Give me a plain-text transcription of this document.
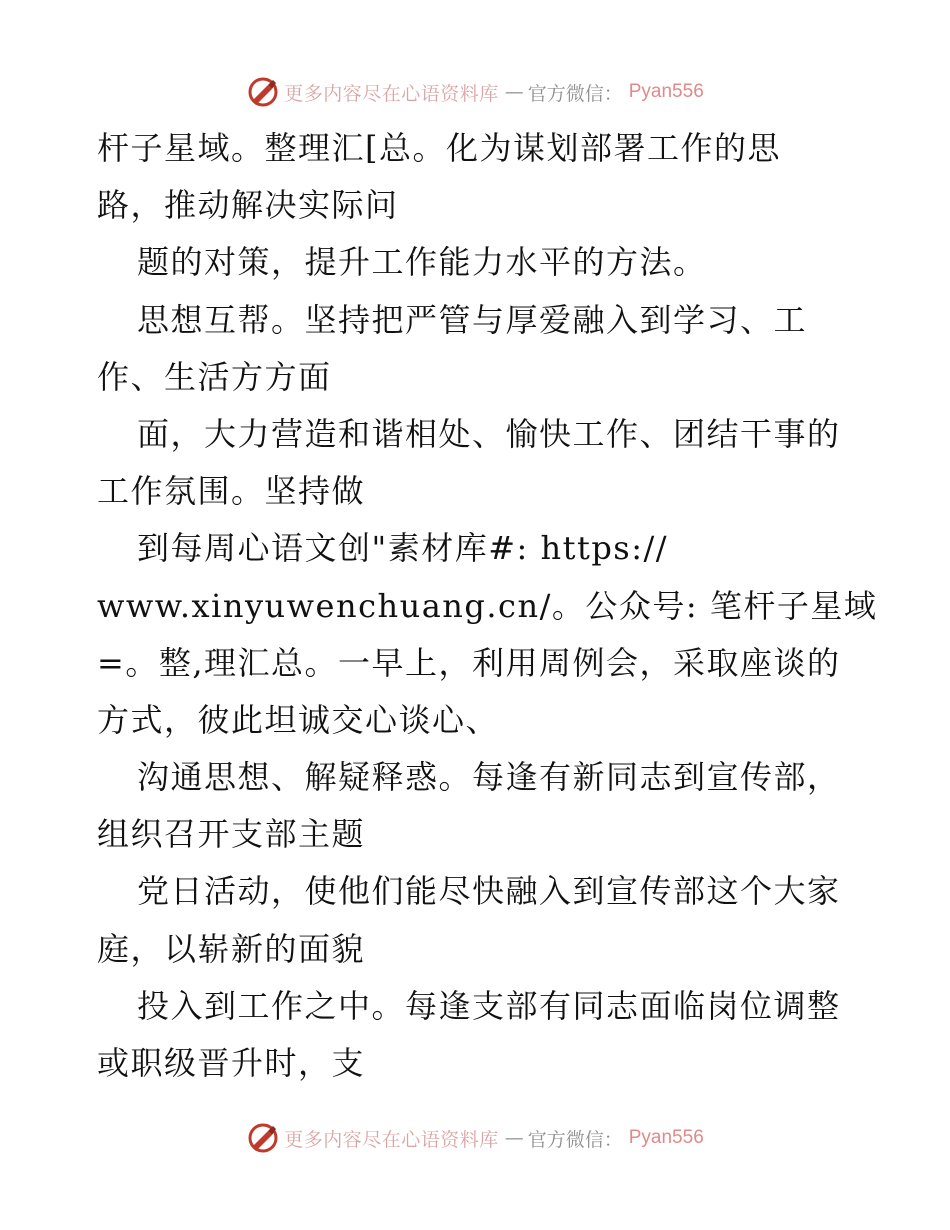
更多内容尽在心语资料库 — 官方微信： Pyan556
杆子星域。整理汇[总。化为谋划部署工作的思
路，推动解决实际问
题的对策，提升工作能力水平的方法。
思想互帮。坚持把严管与厚爱融入到学习、工
作、生活方方面
面，大力营造和谐相处、愉快工作、团结干事的
工作氛围。坚持做
到每周心语文创"素材库#: https://
www.xinyuwenchuang.cn/。公众号: 笔杆子星域
=。整,理汇总。一早上，利用周例会，采取座谈的
方式，彼此坦诚交心谈心、
沟通思想、解疑释惑。每逢有新同志到宣传部，
组织召开支部主题
党日活动，使他们能尽快融入到宣传部这个大家
庭，以崭新的面貌
投入到工作之中。每逢支部有同志面临岗位调整
或职级晋升时，支
更多内容尽在心语资料库 — 官方微信： Pyan556
